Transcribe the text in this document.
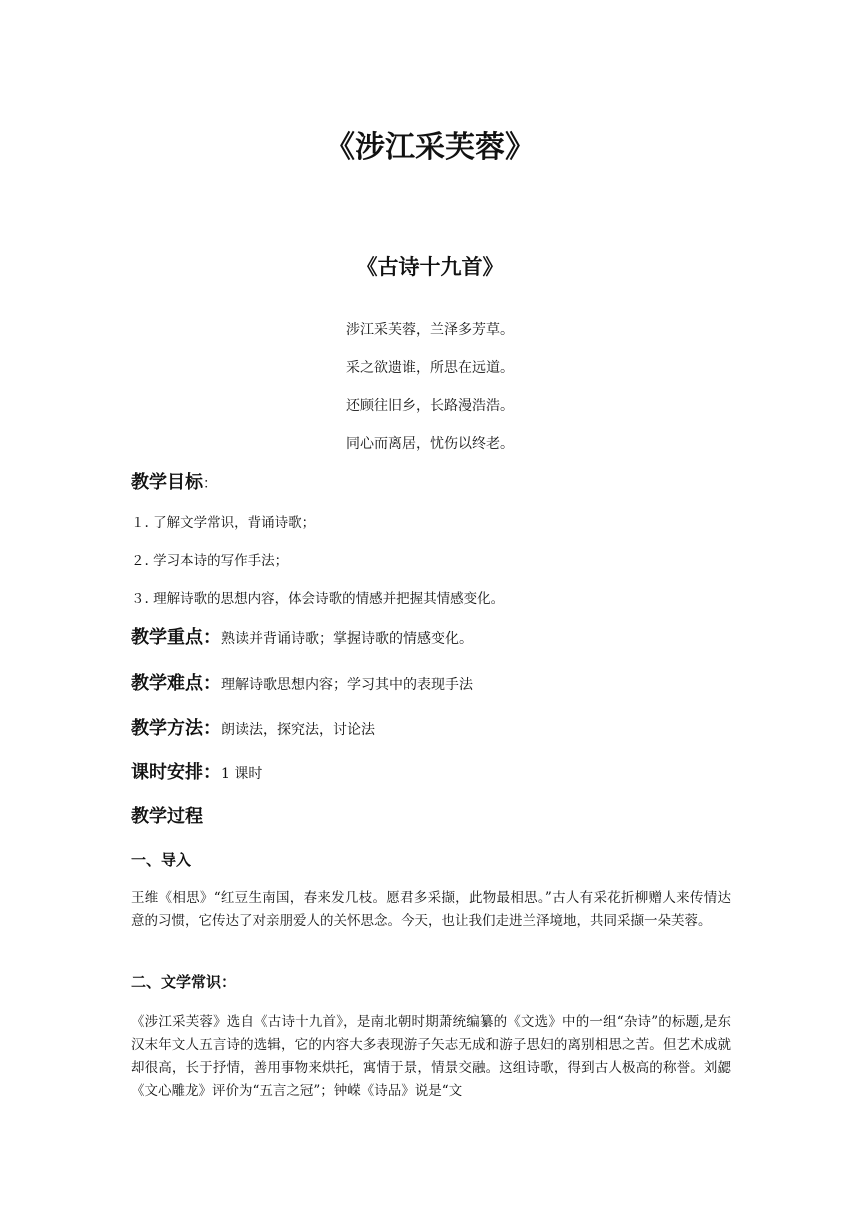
《涉江采芙蓉》
《古诗十九首》
涉江采芙蓉，兰泽多芳草。
采之欲遗谁，所思在远道。
还顾往旧乡，长路漫浩浩。
同心而离居，忧伤以终老。
教学目标：
１. 了解文学常识，背诵诗歌；
２. 学习本诗的写作手法；
３. 理解诗歌的思想内容，体会诗歌的情感并把握其情感变化。
教学重点：熟读并背诵诗歌；掌握诗歌的情感变化。
教学难点：理解诗歌思想内容；学习其中的表现手法
教学方法：朗读法，探究法，讨论法
课时安排：1 课时
教学过程
一、导入

王维《相思》“红豆生南国，春来发几枝。愿君多采撷，此物最相思。”古人有采花折柳赠人来传情达意的习惯，它传达了对亲朋爱人的关怀思念。今天，也让我们走进兰泽境地，共同采撷一朵芙蓉。

二、文学常识：

《涉江采芙蓉》选自《古诗十九首》，是南北朝时期萧统编纂的《文选》中的一组“杂诗”的标题,是东汉末年文人五言诗的选辑，它的内容大多表现游子矢志无成和游子思妇的离别相思之苦。但艺术成就却很高，长于抒情，善用事物来烘托，寓情于景，情景交融。这组诗歌，得到古人极高的称誉。刘勰《文心雕龙》评价为“五言之冠”；钟嵘《诗品》说是“文
